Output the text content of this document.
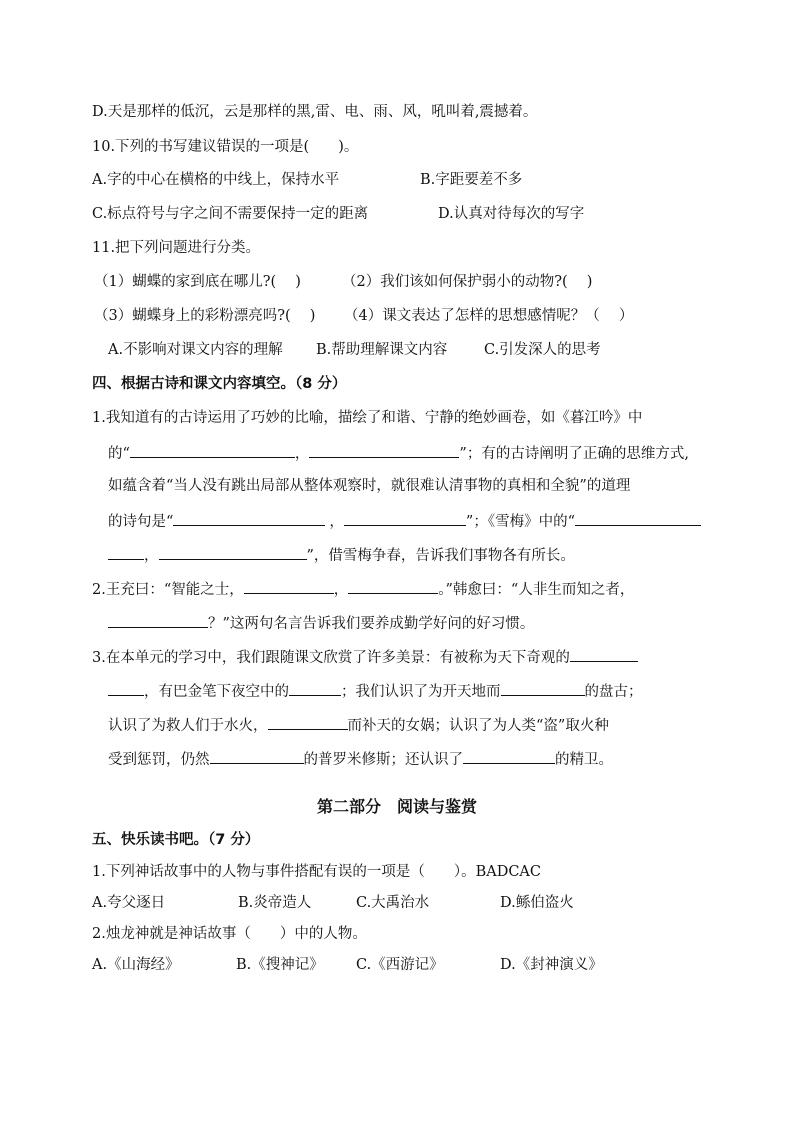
D.天是那样的低沉，云是那样的黑,雷、电、雨、风，吼叫着,震撼着。
10.下列的书写建议错误的一项是(　　)。
A.字的中心在横格的中线上，保持水平	B.字距要差不多
C.标点符号与字之间不需要保持一定的距离	D.认真对待每次的写字
11.把下列问题进行分类。
（1）蝴蝶的家到底在哪儿?(　 )	（2）我们该如何保护弱小的动物?(　 )
（3）蝴蝶身上的彩粉漂亮吗?(　 ) （4）课文表达了怎样的思想感情呢？（　 ）
A.不影响对课文内容的理解 B.帮助理解课文内容	C.引发深人的思考
四、根据古诗和课文内容填空。（8 分）
1.我知道有的古诗运用了巧妙的比喻，描绘了和谐、宁静的绝妙画卷，如《暮江吟》中
的“	，	”；有的古诗阐明了正确的思维方式,
如蕴含着“当人没有跳出局部从整体观察时，就很难认清事物的真相和全貌”的道理
的诗句是“	，	”；《雪梅》中的“
，	”，借雪梅争春，告诉我们事物各有所长。
2.王充曰：“智能之士，	，	。”韩愈曰：“人非生而知之者，
？”这两句名言告诉我们要养成勤学好问的好习惯。
3.在本单元的学习中，我们跟随课文欣赏了许多美景：有被称为天下奇观的
，有巴金笔下夜空中的	；我们认识了为开天地而	的盘古；
认识了为救人们于水火，	而补天的女娲；认识了为人类“盗”取火种
受到惩罚，仍然	的普罗米修斯；还认识了	的精卫。
第二部分　阅读与鉴赏
五、快乐读书吧。（7 分）
1.下列神话故事中的人物与事件搭配有误的一项是（　　）。BADCAC
A.夸父逐日	B.炎帝造人	C.大禹治水	D.鲧伯盗火
2.烛龙神就是神话故事（　　）中的人物。
A.《山海经》	B.《搜神记》 C.《西游记》	D.《封神演义》
